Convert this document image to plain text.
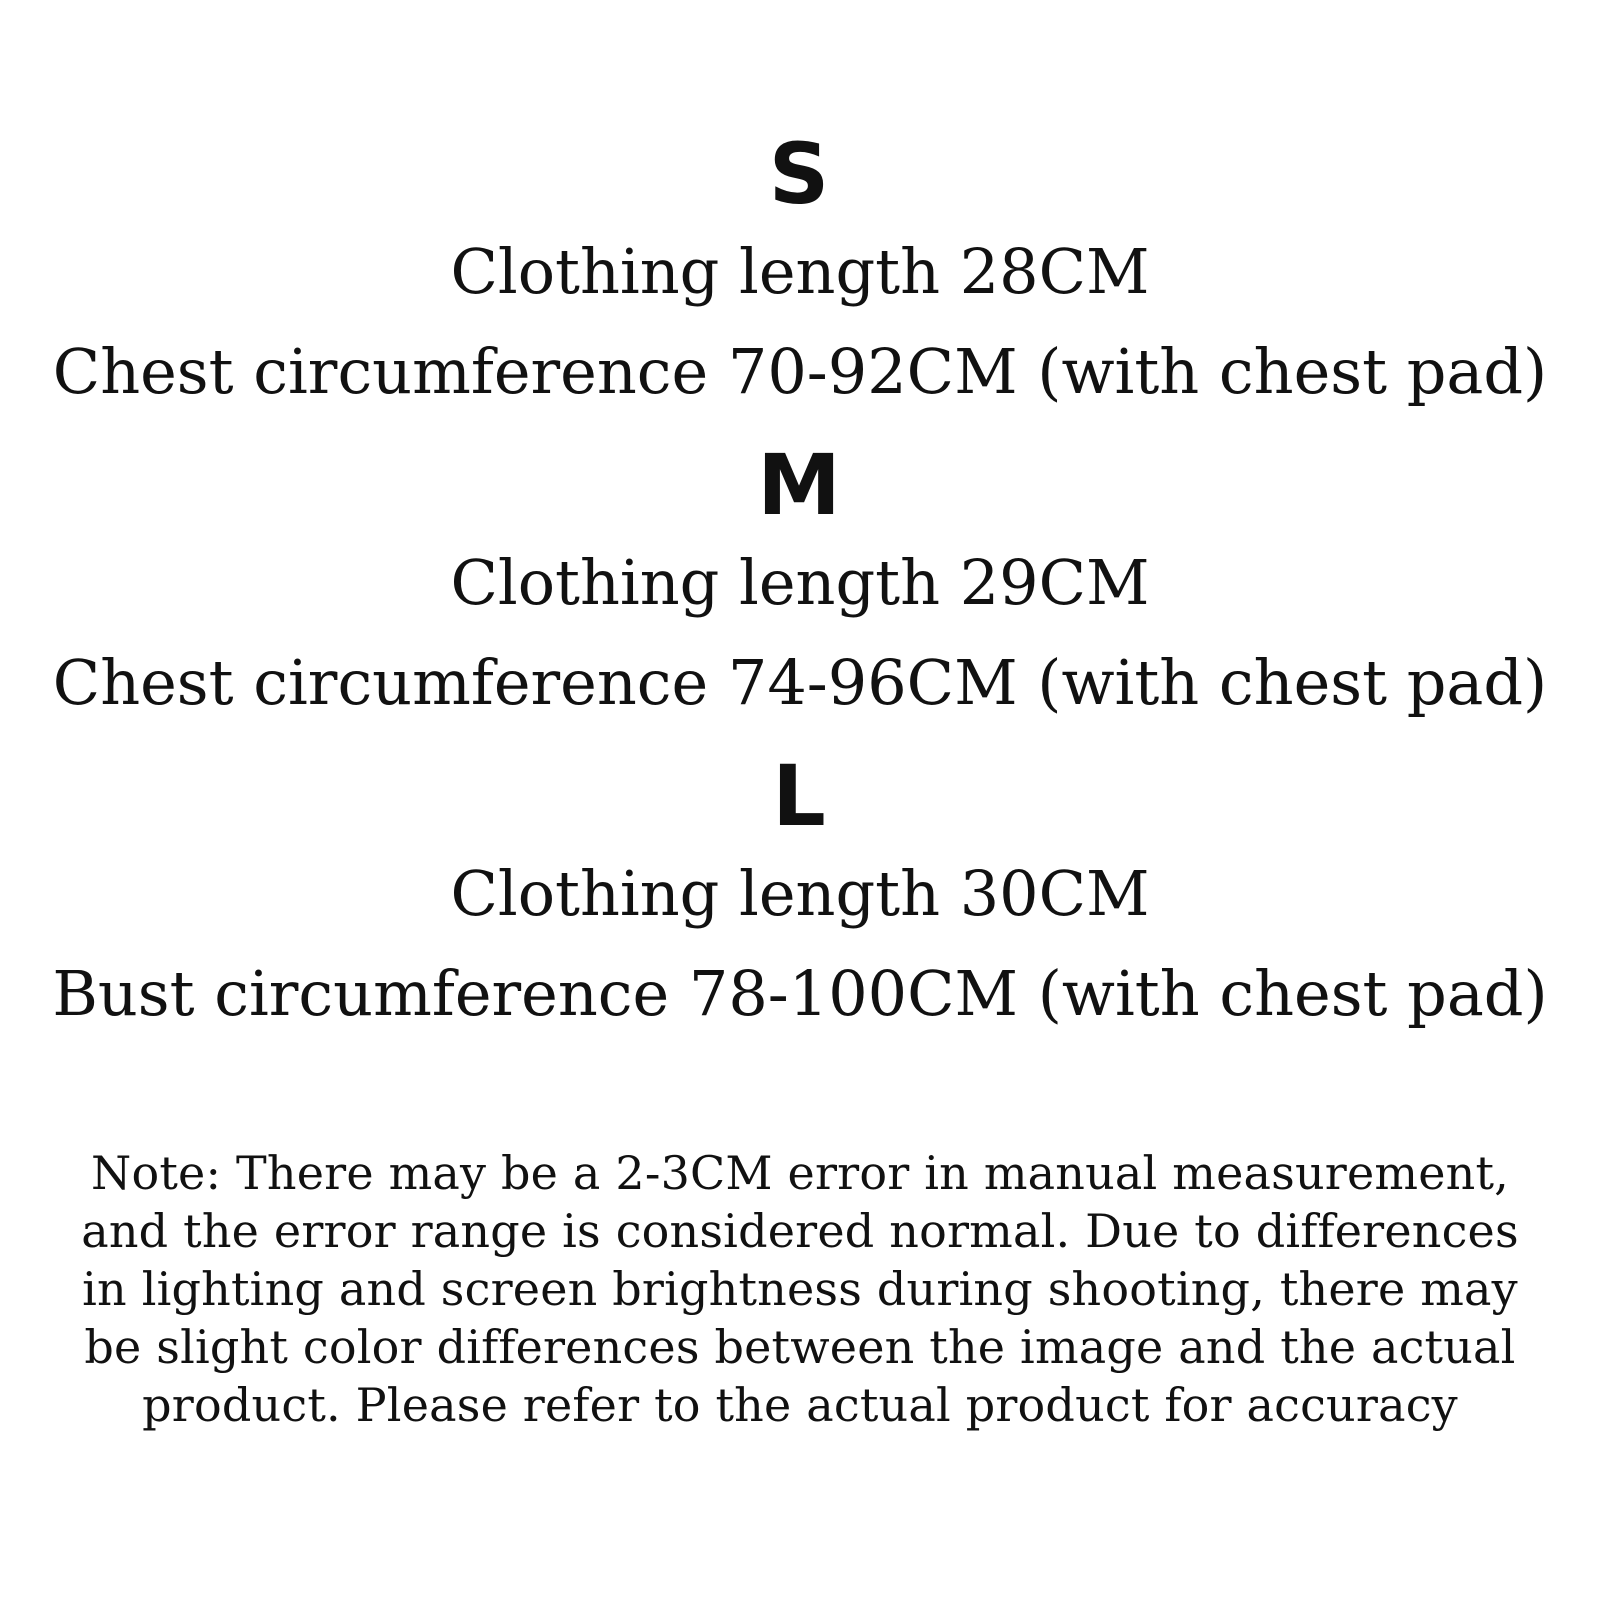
S
Clothing length 28CM
Chest circumference 70-92CM (with chest pad)
M
Clothing length 29CM
Chest circumference 74-96CM (with chest pad)
L
Clothing length 30CM
Bust circumference 78-100CM (with chest pad)

Note: There may be a 2-3CM error in manual measurement,
and the error range is considered normal. Due to differences
in lighting and screen brightness during shooting, there may
be slight color differences between the image and the actual
product. Please refer to the actual product for accuracy
